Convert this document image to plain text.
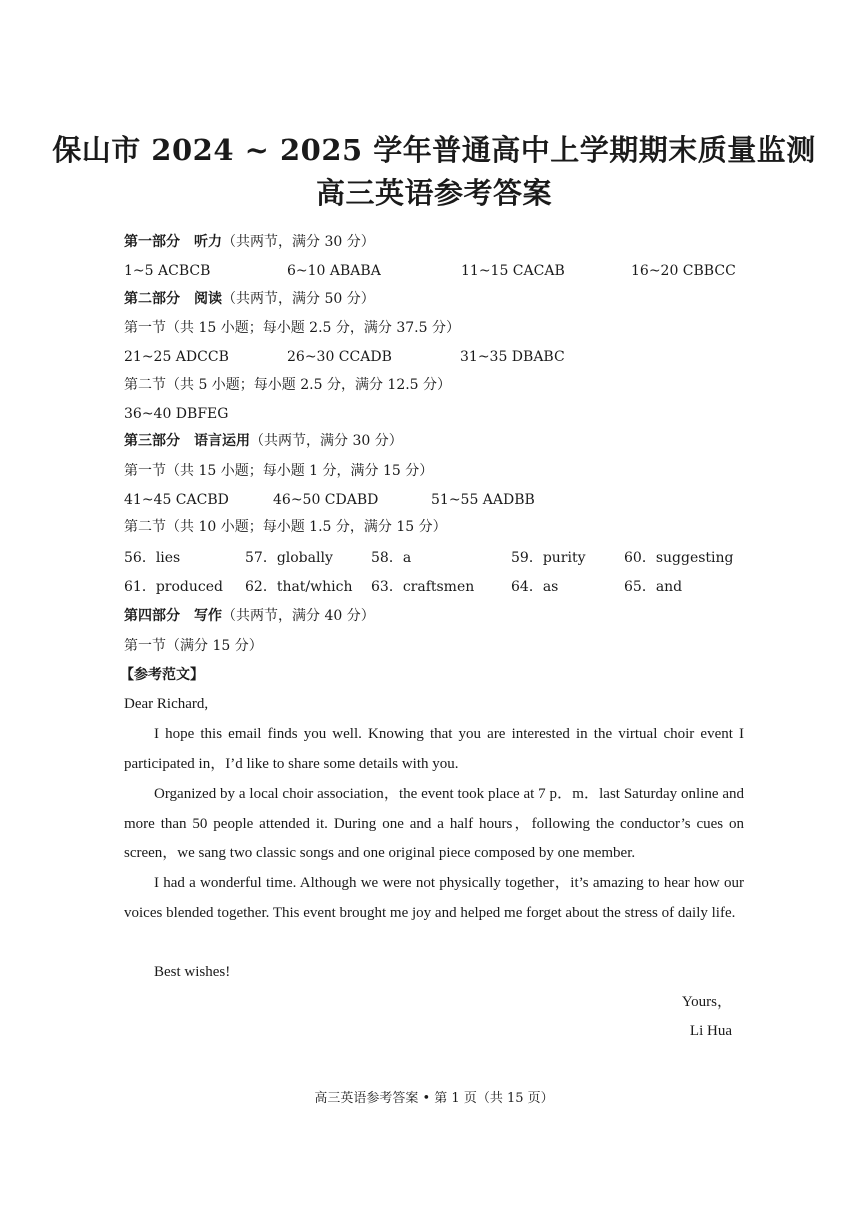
保山市 2024 ~ 2025 学年普通高中上学期期末质量监测
高三英语参考答案
第一部分　听力（共两节，满分 30 分）
1~5 ACBCB	6~10 ABABA	11~15 CACAB	16~20 CBBCC
第二部分　阅读（共两节，满分 50 分）
第一节（共 15 小题；每小题 2.5 分，满分 37.5 分）
21~25 ADCCB	26~30 CCADB	31~35 DBABC
第二节（共 5 小题；每小题 2.5 分，满分 12.5 分）
36~40 DBFEG
第三部分　语言运用（共两节，满分 30 分）
第一节（共 15 小题；每小题 1 分，满分 15 分）
41~45 CACBD	46~50 CDABD	51~55 AADBB
第二节（共 10 小题；每小题 1.5 分，满分 15 分）
56．lies	57．globally	58．a	59．purity	60．suggesting
61．produced 62．that/which 63．craftsmen	64．as	65．and
第四部分　写作（共两节，满分 40 分）
第一节（满分 15 分）
【参考范文】
Dear Richard,
I hope this email finds you well. Knowing that you are interested in the virtual choir event I participated in，I’d like to share some details with you.
Organized by a local choir association，the event took place at 7 p．m．last Saturday online and more than 50 people attended it. During one and a half hours，following the conductor’s cues on screen，we sang two classic songs and one original piece composed by one member.
I had a wonderful time. Although we were not physically together，it’s amazing to hear how our voices blended together. This event brought me joy and helped me forget about the stress of daily life.
Best wishes!
Yours，
Li Hua
高三英语参考答案 • 第 1 页（共 15 页）
